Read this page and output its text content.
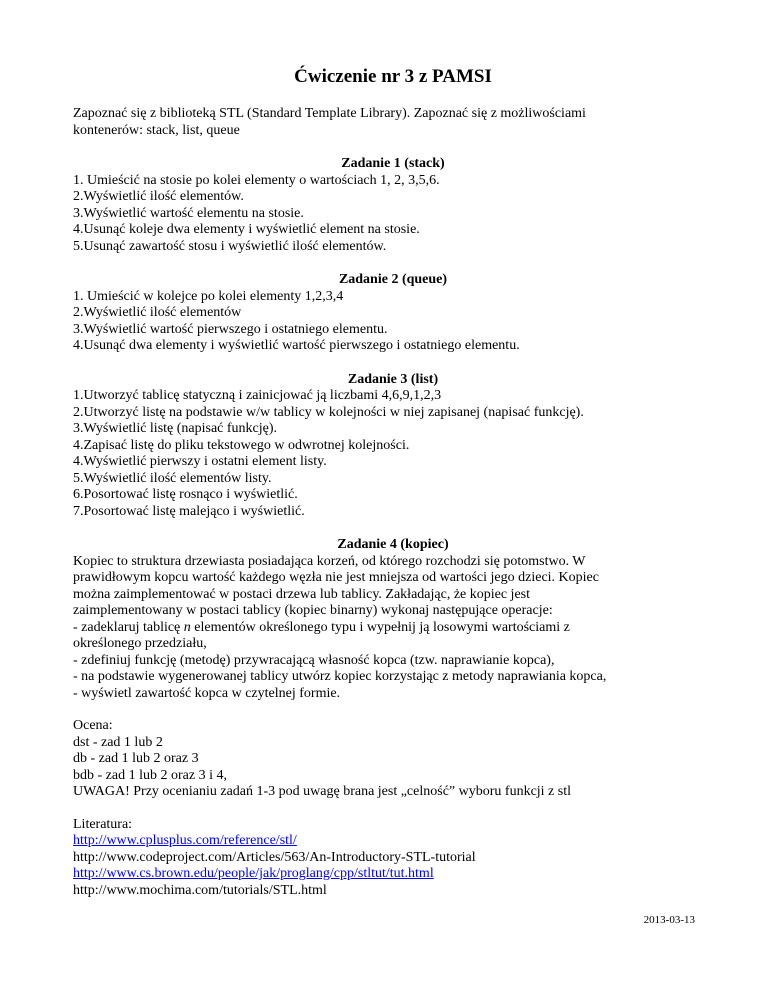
Ćwiczenie nr 3 z PAMSI
Zapoznać się z biblioteką STL (Standard Template Library). Zapoznać się z możliwościami
kontenerów: stack, list, queue
Zadanie 1 (stack)
1. Umieścić na stosie po kolei elementy o wartościach 1, 2, 3,5,6.
2.Wyświetlić ilość elementów.
3.Wyświetlić wartość elementu na stosie.
4.Usunąć koleje dwa elementy i wyświetlić element na stosie.
5.Usunąć zawartość stosu i wyświetlić ilość elementów.
Zadanie 2 (queue)
1. Umieścić w kolejce po kolei elementy 1,2,3,4
2.Wyświetlić ilość elementów
3.Wyświetlić wartość pierwszego i ostatniego elementu.
4.Usunąć dwa elementy i wyświetlić wartość pierwszego i ostatniego elementu.
Zadanie 3 (list)
1.Utworzyć tablicę statyczną i zainicjować ją liczbami 4,6,9,1,2,3
2.Utworzyć listę na podstawie w/w tablicy w kolejności w niej zapisanej (napisać funkcję).
3.Wyświetlić listę (napisać funkcję).
4.Zapisać listę do pliku tekstowego w odwrotnej kolejności.
4.Wyświetlić pierwszy i ostatni element listy.
5.Wyświetlić ilość elementów listy.
6.Posortować listę rosnąco i wyświetlić.
7.Posortować listę malejąco i wyświetlić.
Zadanie 4 (kopiec)
Kopiec to struktura drzewiasta posiadająca korzeń, od którego rozchodzi się potomstwo. W
prawidłowym kopcu wartość każdego węzła nie jest mniejsza od wartości jego dzieci. Kopiec
można zaimplementować w postaci drzewa lub tablicy. Zakładając, że kopiec jest
zaimplementowany w postaci tablicy (kopiec binarny) wykonaj następujące operacje:
- zadeklaruj tablicę n elementów określonego typu i wypełnij ją losowymi wartościami z
określonego przedziału,
- zdefiniuj funkcję (metodę) przywracającą własność kopca (tzw. naprawianie kopca),
- na podstawie wygenerowanej tablicy utwórz kopiec korzystając z metody naprawiania kopca,
- wyświetl zawartość kopca w czytelnej formie.
Ocena:
dst - zad 1 lub 2
db - zad 1 lub 2 oraz 3
bdb - zad 1 lub 2 oraz 3 i 4,
UWAGA! Przy ocenianiu zadań 1-3 pod uwagę brana jest „celność” wyboru funkcji z stl
Literatura:
http://www.cplusplus.com/reference/stl/
http://www.codeproject.com/Articles/563/An-Introductory-STL-tutorial
http://www.cs.brown.edu/people/jak/proglang/cpp/stltut/tut.html
http://www.mochima.com/tutorials/STL.html
2013-03-13
